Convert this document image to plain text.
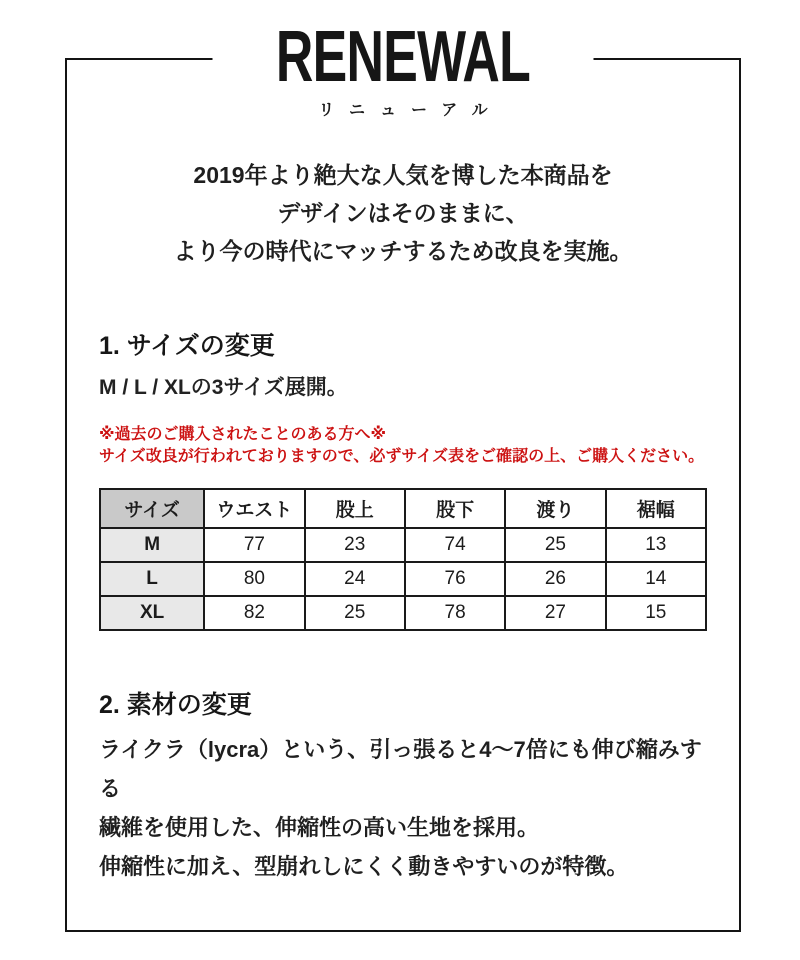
RENEWAL
リニューアル

2019年より絶大な人気を博した本商品を

デザインはそのままに、

より今の時代にマッチするため改良を実施。

1. サイズの変更

M / L / XLの3サイズ展開。

※過去のご購入されたことのある方へ※

サイズ改良が行われておりますので、必ずサイズ表をご確認の上、ご購入ください。

サイズ	ウエスト	股上	股下	渡り	裾幅
M	77	23	74	25	13
L	80	24	76	26	14
XL	82	25	78	27	15
2. 素材の変更

ライクラ（lycra）という、引っ張ると4〜7倍にも伸び縮みする

繊維を使用した、伸縮性の高い生地を採用。

伸縮性に加え、型崩れしにくく動きやすいのが特徴。
